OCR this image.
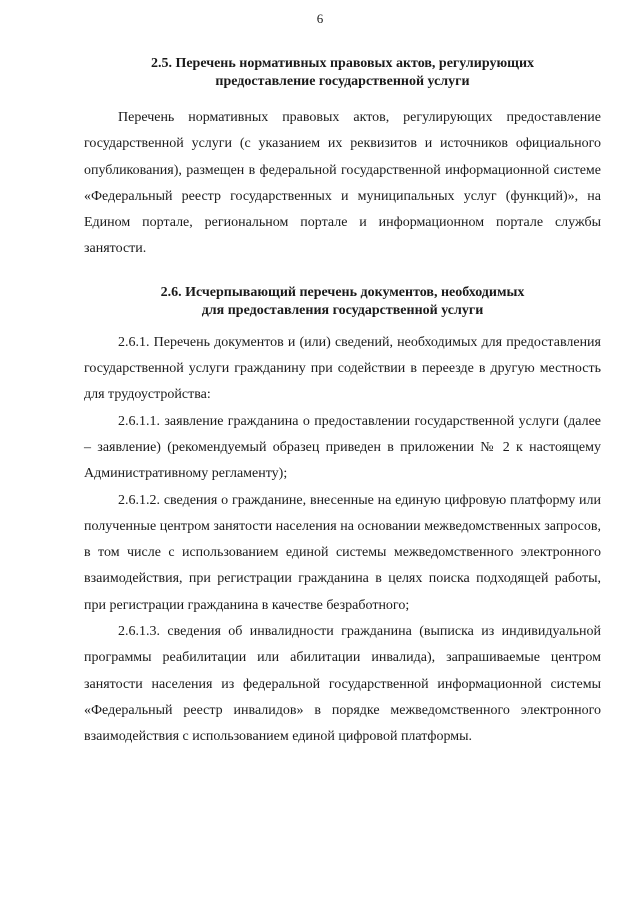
6
2.5. Перечень нормативных правовых актов, регулирующих
предоставление государственной услуги

Перечень нормативных правовых актов, регулирующих предоставление государственной услуги (с указанием их реквизитов и источников официального опубликования), размещен в федеральной государственной информационной системе «Федеральный реестр государственных и муниципальных услуг (функций)», на Едином портале, региональном портале и информационном портале службы занятости.

2.6. Исчерпывающий перечень документов, необходимых
для предоставления государственной услуги

2.6.1. Перечень документов и (или) сведений, необходимых для предоставления государственной услуги гражданину при содействии в переезде в другую местность для трудоустройства:

2.6.1.1. заявление гражданина о предоставлении государственной услуги (далее – заявление) (рекомендуемый образец приведен в приложении № 2 к настоящему Административному регламенту);

2.6.1.2. сведения о гражданине, внесенные на единую цифровую платформу или полученные центром занятости населения на основании межведомственных запросов, в том числе с использованием единой системы межведомственного электронного взаимодействия, при регистрации гражданина в целях поиска подходящей работы, при регистрации гражданина в качестве безработного;

2.6.1.3. сведения об инвалидности гражданина (выписка из индивидуальной программы реабилитации или абилитации инвалида), запрашиваемые центром занятости населения из федеральной государственной информационной системы «Федеральный реестр инвалидов» в порядке межведомственного электронного взаимодействия с использованием единой цифровой платформы.
